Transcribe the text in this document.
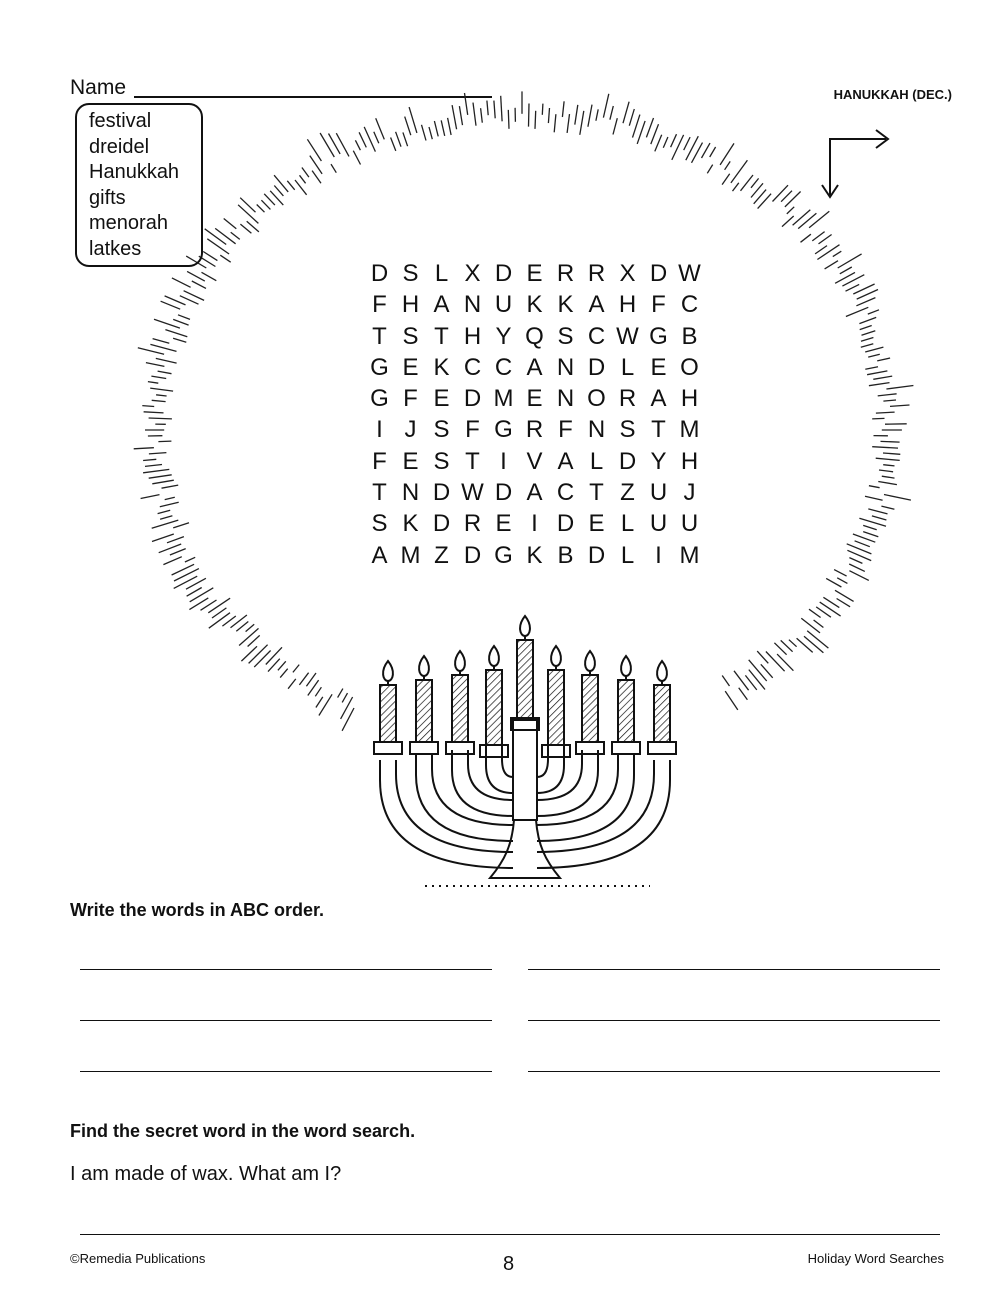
Name	HANUKKAH (DEC.)
festival
dreidel
Hanukkah
gifts
menorah
latkes
D S L X D E R R X D W
F H A N U K K A H F C
T S T H Y Q S C W G B
G E K C C A N D L E O
G F E D M E N O R A H
I J S F G R F N S T M
F E S T I V A L D Y H
T N D W D A C T Z U J
S K D R E I D E L U U
A M Z D G K B D L I M
Write the words in ABC order.
Find the secret word in the word search.
I am made of wax. What am I?
©Remedia Publications	8	Holiday Word Searches
